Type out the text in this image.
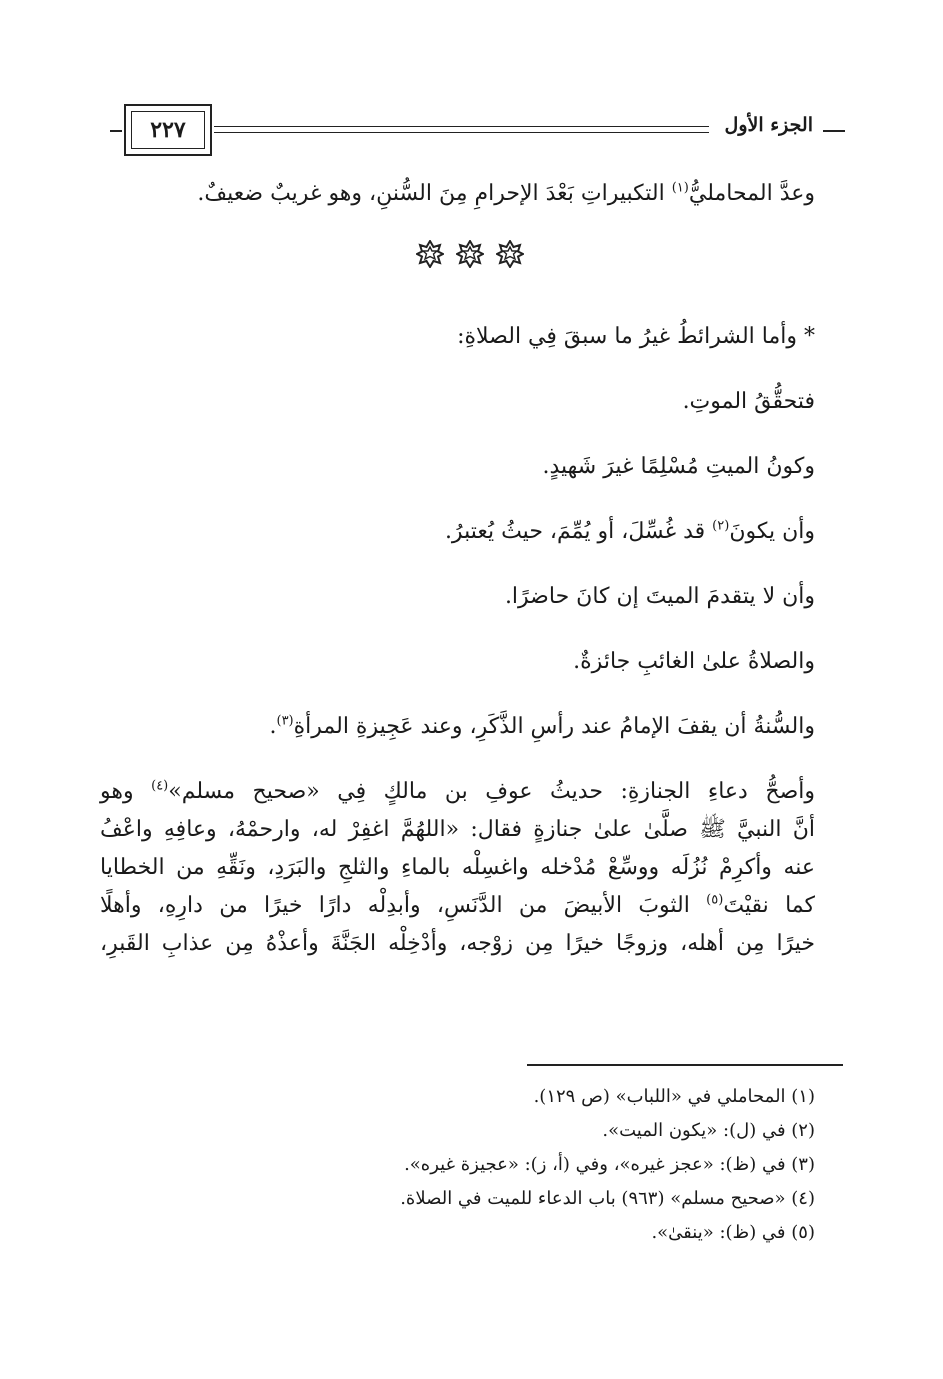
الجزء الأول
٢٢٧

وعدَّ المحامليُّ$^{(١)}$ التكبيراتِ بَعْدَ الإحرامِ مِنَ السُّننِ، وهو غريبٌ ضعيفٌ.

* وأما الشرائطُ غيرُ ما سبقَ فِي الصلاةِ:

فتحقُّقُ الموتِ.

وكونُ الميتِ مُسْلِمًا غيرَ شَهيدٍ.

وأن يكونَ$^{(٢)}$ قد غُسِّلَ، أو يُمِّمَ، حيثُ يُعتبرُ.

وأن لا يتقدمَ الميتَ إن كانَ حاضرًا.

والصلاةُ علىٰ الغائبِ جائزةٌ.

والسُّنةُ أن يقفَ الإمامُ عند رأسِ الذَّكَرِ، وعند عَجِيزةِ المرأةِ$^{(٣)}$.

وأصحُّ دعاءِ الجنازةِ: حديثُ عوفِ بن مالكٍ فِي «صحيح مسلم»$^{(٤)}$ وهو

أنَّ النبيَّ ﷺ صلَّىٰ علىٰ جنازةٍ فقال: «اللهُمَّ اغفِرْ له، وارحمْهُ، وعافِهِ واعْفُ

عنه وأكرِمْ نُزُلَه ووسِّعْ مُدْخله واغسِلْه بالماءِ والثلجِ والبَرَدِ، ونَقِّهِ من الخطايا

كما نقيْتَ$^{(٥)}$ الثوبَ الأبيضَ من الدَّنَسِ، وأبدِلْه دارًا خيرًا من دارِهِ، وأهلًا

خيرًا مِن أهله، وزوجًا خيرًا مِن زوْجه، وأدْخِلْه الجَنَّةَ وأعذْهُ مِن عذابِ القَبرِ،

(١) المحاملي في «اللباب» (ص ١٢٩).

(٢) في (ل): «يكون الميت».

(٣) في (ظ): «عجز غيره»، وفي (أ، ز): «عجيزة غيره».

(٤) «صحيح مسلم» (٩٦٣) باب الدعاء للميت في الصلاة.

(٥) في (ظ): «ينقىٰ».
